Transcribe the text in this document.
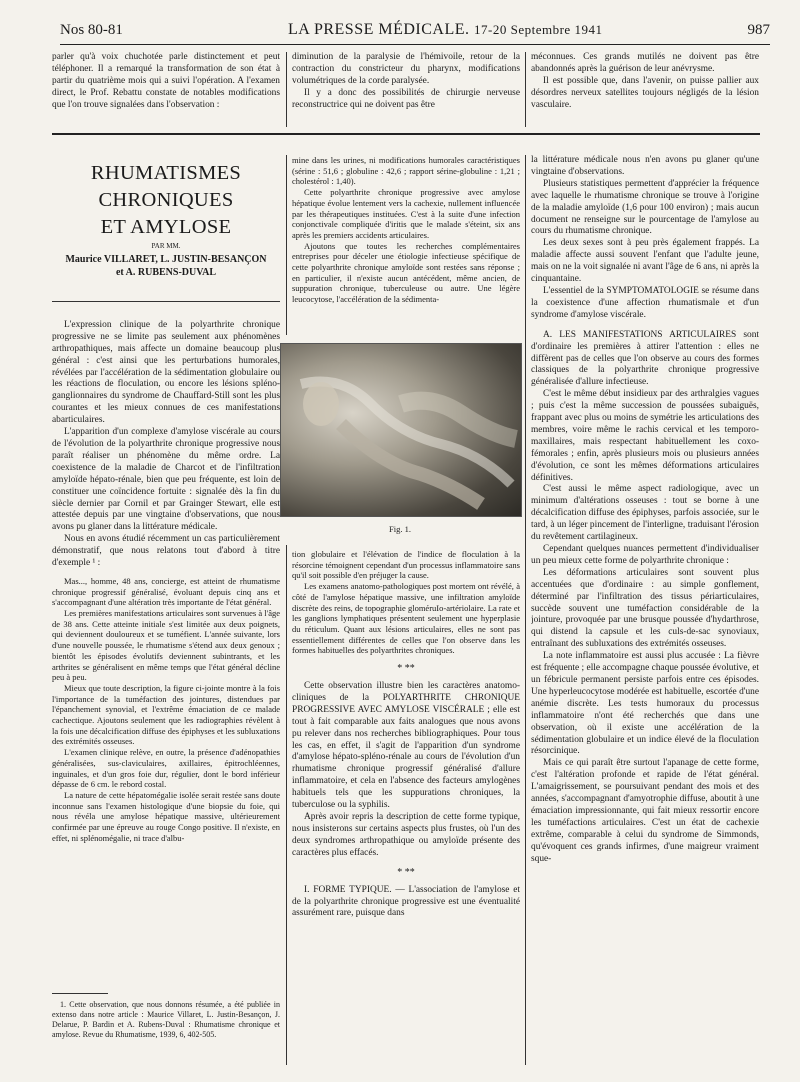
Nos 80-81	LA PRESSE MÉDICALE. 17-20 Septembre 1941	987

parler qu'à voix chuchotée parle distinctement et peut téléphoner. Il a remarqué la transformation de son état à partir du quatrième mois qui a suivi l'opération. A l'examen direct, le Prof. Rebattu constate de notables modifications que l'on trouve signalées dans l'observation :

diminution de la paralysie de l'hémivoile, retour de la contraction du constricteur du pharynx, modifications volumétriques de la corde paralysée.

Il y a donc des possibilités de chirurgie nerveuse reconstructrice qui ne doivent pas être

méconnues. Ces grands mutilés ne doivent pas être abandonnés après la guérison de leur anévrysme.

Il est possible que, dans l'avenir, on puisse pallier aux désordres nerveux satellites toujours négligés de la lésion vasculaire.

RHUMATISMES CHRONIQUES

ET AMYLOSE

PAR MM.

Maurice VILLARET, L. JUSTIN-BESANÇON

et A. RUBENS-DUVAL

L'expression clinique de la polyarthrite chronique progressive ne se limite pas seulement aux phénomènes arthropathiques, mais affecte un domaine beaucoup plus général : c'est ainsi que les perturbations humorales, révélées par l'accélération de la sédimentation globulaire ou les réactions de floculation, ou encore les lésions spléno-ganglionnaires du syndrome de Chauffard-Still sont les plus courantes et les mieux connues de ces manifestations abarticulaires.

L'apparition d'un complexe d'amylose viscérale au cours de l'évolution de la polyarthrite chronique progressive nous paraît réaliser un phénomène du même ordre. La coexistence de la maladie de Charcot et de l'infiltration amyloïde hépato-rénale, bien que peu fréquente, est loin de constituer une coïncidence fortuite : signalée dès la fin du siècle dernier par Cornil et par Grainger Stewart, elle est attestée depuis par une vingtaine d'observations, que nous avons pu glaner dans la littérature médicale.

Nous en avons étudié récemment un cas particulièrement démonstratif, que nous relatons tout d'abord à titre d'exemple ¹ :

Mas..., homme, 48 ans, concierge, est atteint de rhumatisme chronique progressif généralisé, évoluant depuis cinq ans et s'accompagnant d'une altération très importante de l'état général.

Les premières manifestations articulaires sont survenues à l'âge de 38 ans. Cette atteinte initiale s'est limitée aux deux poignets, qui deviennent douloureux et se tuméfient. L'année suivante, lors d'une nouvelle poussée, le rhumatisme s'étend aux deux genoux ; bientôt les épisodes évolutifs deviennent subintrants, et les arthrites se généralisent en même temps que l'état général décline peu à peu.

Mieux que toute description, la figure ci-jointe montre à la fois l'importance de la tuméfaction des jointures, distendues par l'épanchement synovial, et l'extrême émaciation de ce malade cachectique. Ajoutons seulement que les radiographies révèlent à la fois une décalcification diffuse des épiphyses et les subluxations des extrémités osseuses.

L'examen clinique relève, en outre, la présence d'adénopathies généralisées, sus-claviculaires, axillaires, épitrochléennes, inguinales, et d'un gros foie dur, régulier, dont le bord inférieur dépasse de 6 cm. le rebord costal.

La nature de cette hépatomégalie isolée serait restée sans doute inconnue sans l'examen histologique d'une biopsie du foie, qui nous révéla une amylose hépatique massive, ultérieurement confirmée par une épreuve au rouge Congo positive. Il n'existe, en effet, ni splénomégalie, ni trace d'albu-

1. Cette observation, que nous donnons résumée, a été publiée in extenso dans notre article : Maurice Villaret, L. Justin-Besançon, J. Delarue, P. Bardin et A. Rubens-Duval : Rhumatisme chronique et amylose. Revue du Rhumatisme, 1939, 6, 402-505.

mine dans les urines, ni modifications humorales caractéristiques (sérine : 51,6 ; globuline : 42,6 ; rapport sérine-globuline : 1,21 ; cholestérol : 1,40).

Cette polyarthrite chronique progressive avec amylose hépatique évolue lentement vers la cachexie, nullement influencée par les thérapeutiques instituées. C'est à la suite d'une infection conjonctivale compliquée d'iritis que le malade s'éteint, six ans après les premiers accidents articulaires.

Ajoutons que toutes les recherches complémentaires entreprises pour déceler une étiologie infectieuse spécifique de cette polyarthrite chronique amyloïde sont restées sans réponse ; en particulier, il n'existe aucun antécédent, même ancien, de suppuration chronique, tuberculeuse ou autre. Une légère leucocytose, l'accélération de la sédimenta-

Fig. 1.

tion globulaire et l'élévation de l'indice de floculation à la résorcine témoignent cependant d'un processus inflammatoire sans qu'il soit possible d'en préjuger la cause.

Les examens anatomo-pathologiques post mortem ont révélé, à côté de l'amylose hépatique massive, une infiltration amyloïde discrète des reins, de topographie gloméruIo-artériolaire. La rate et les ganglions lymphatiques présentent seulement une hyperplasie du réticulum. Quant aux lésions articulaires, elles ne sont pas essentiellement différentes de celles que l'on observe dans les formes habituelles des polyarthrites chroniques.

* **

Cette observation illustre bien les caractères anatomo-cliniques de la POLYARTHRITE CHRONIQUE PROGRESSIVE AVEC AMYLOSE VISCÉRALE ; elle est tout à fait comparable aux faits analogues que nous avons pu relever dans nos recherches bibliographiques. Pour tous les cas, en effet, il s'agit de l'apparition d'un syndrome d'amylose hépato-spléno-rénale au cours de l'évolution d'un rhumatisme chronique progressif généralisé d'allure inflammatoire, et cela en l'absence des facteurs amylogènes habituels tels que les suppurations chroniques, la tuberculose ou la syphilis.

Après avoir repris la description de cette forme typique, nous insisterons sur certains aspects plus frustes, où l'un des deux syndromes arthropathique ou amyloïde présente des caractères plus effacés.

* **

I. FORME TYPIQUE. — L'association de l'amylose et de la polyarthrite chronique progressive est une éventualité assurément rare, puisque dans

la littérature médicale nous n'en avons pu glaner qu'une vingtaine d'observations.

Plusieurs statistiques permettent d'apprécier la fréquence avec laquelle le rhumatisme chronique se trouve à l'origine de la maladie amyloïde (1,6 pour 100 environ) ; mais aucun document ne renseigne sur le pourcentage de l'amylose au cours du rhumatisme chronique.

Les deux sexes sont à peu près également frappés. La maladie affecte aussi souvent l'enfant que l'adulte jeune, mais on ne la voit signalée ni avant l'âge de 6 ans, ni après la cinquantaine.

L'essentiel de la SYMPTOMATOLOGIE se résume dans la coexistence d'une affection rhumatismale et d'un syndrome d'amylose viscérale.

A. LES MANIFESTATIONS ARTICULAIRES sont d'ordinaire les premières à attirer l'attention : elles ne diffèrent pas de celles que l'on observe au cours des formes classiques de la polyarthrite chronique progressive généralisée d'allure infectieuse.

C'est le même début insidieux par des arthralgies vagues ; puis c'est la même succession de poussées subaiguës, frappant avec plus ou moins de symétrie les articulations des membres, voire même le rachis cervical et les temporo-maxillaires, mais respectant habituellement les coxo-fémorales ; enfin, après plusieurs mois ou plusieurs années d'évolution, ce sont les mêmes déformations articulaires définitives.

C'est aussi le même aspect radiologique, avec un minimum d'altérations osseuses : tout se borne à une décalcification diffuse des épiphyses, parfois associée, sur le tard, à un léger pincement de l'interligne, traduisant l'érosion du revêtement cartilagineux.

Cependant quelques nuances permettent d'individualiser un peu mieux cette forme de polyarthrite chronique :

Les déformations articulaires sont souvent plus accentuées que d'ordinaire : au simple gonflement, déterminé par l'infiltration des tissus périarticulaires, succède souvent une tuméfaction considérable de la jointure, provoquée par une brusque poussée d'hydarthrose, qui distend la capsule et les culs-de-sac synoviaux, entraînant des subluxations des extrémités osseuses.

La note inflammatoire est aussi plus accusée : La fièvre est fréquente ; elle accompagne chaque poussée évolutive, et un fébricule permanent persiste parfois entre ces épisodes. Une hyperleucocytose modérée est habituelle, escortée d'une anémie discrète. Les tests humoraux du processus inflammatoire n'ont été recherchés que dans une observation, où il existe une accélération de la sédimentation globulaire et un indice élevé de la floculation résorcinique.

Mais ce qui paraît être surtout l'apanage de cette forme, c'est l'altération profonde et rapide de l'état général. L'amaigrissement, se poursuivant pendant des mois et des années, s'accompagnant d'amyotrophie diffuse, aboutit à une émaciation impressionnante, qui fait mieux ressortir encore les tuméfactions articulaires. C'est un état de cachexie extrême, comparable à celui du syndrome de Simmonds, qu'évoquent ces grands infirmes, d'une maigreur vraiment sque-
